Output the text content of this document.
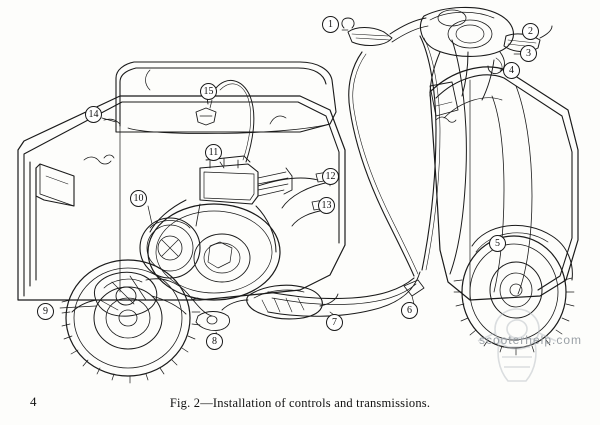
1
2
3
4
5
6
7
8
9
10
11
12
13
14
15
scooterhelp.com
4	Fig. 2—Installation of controls and transmissions.
